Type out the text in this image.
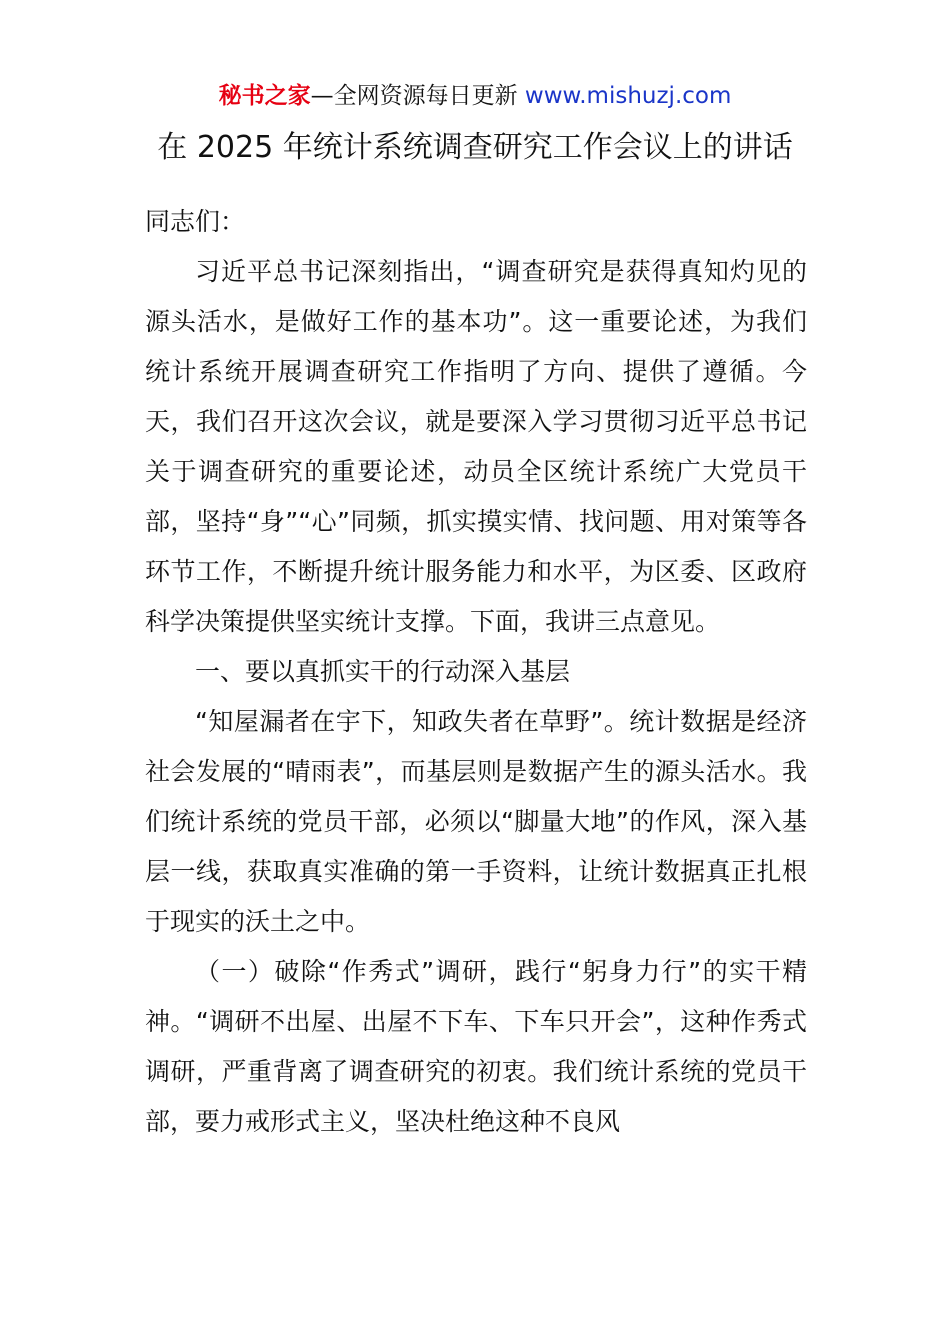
秘书之家—全网资源每日更新 www.mishuzj.com
在 2025 年统计系统调查研究工作会议上的讲话

同志们：

习近平总书记深刻指出，“调查研究是获得真知灼见的源头活水，是做好工作的基本功”。这一重要论述，为我们统计系统开展调查研究工作指明了方向、提供了遵循。今天，我们召开这次会议，就是要深入学习贯彻习近平总书记关于调查研究的重要论述，动员全区统计系统广大党员干部，坚持“身”“心”同频，抓实摸实情、找问题、用对策等各环节工作，不断提升统计服务能力和水平，为区委、区政府科学决策提供坚实统计支撑。下面，我讲三点意见。

一、要以真抓实干的行动深入基层

“知屋漏者在宇下，知政失者在草野”。统计数据是经济社会发展的“晴雨表”，而基层则是数据产生的源头活水。我们统计系统的党员干部，必须以“脚量大地”的作风，深入基层一线，获取真实准确的第一手资料，让统计数据真正扎根于现实的沃土之中。

（一）破除“作秀式”调研，践行“躬身力行”的实干精神。“调研不出屋、出屋不下车、下车只开会”，这种作秀式调研，严重背离了调查研究的初衷。我们统计系统的党员干部，要力戒形式主义，坚决杜绝这种不良风
